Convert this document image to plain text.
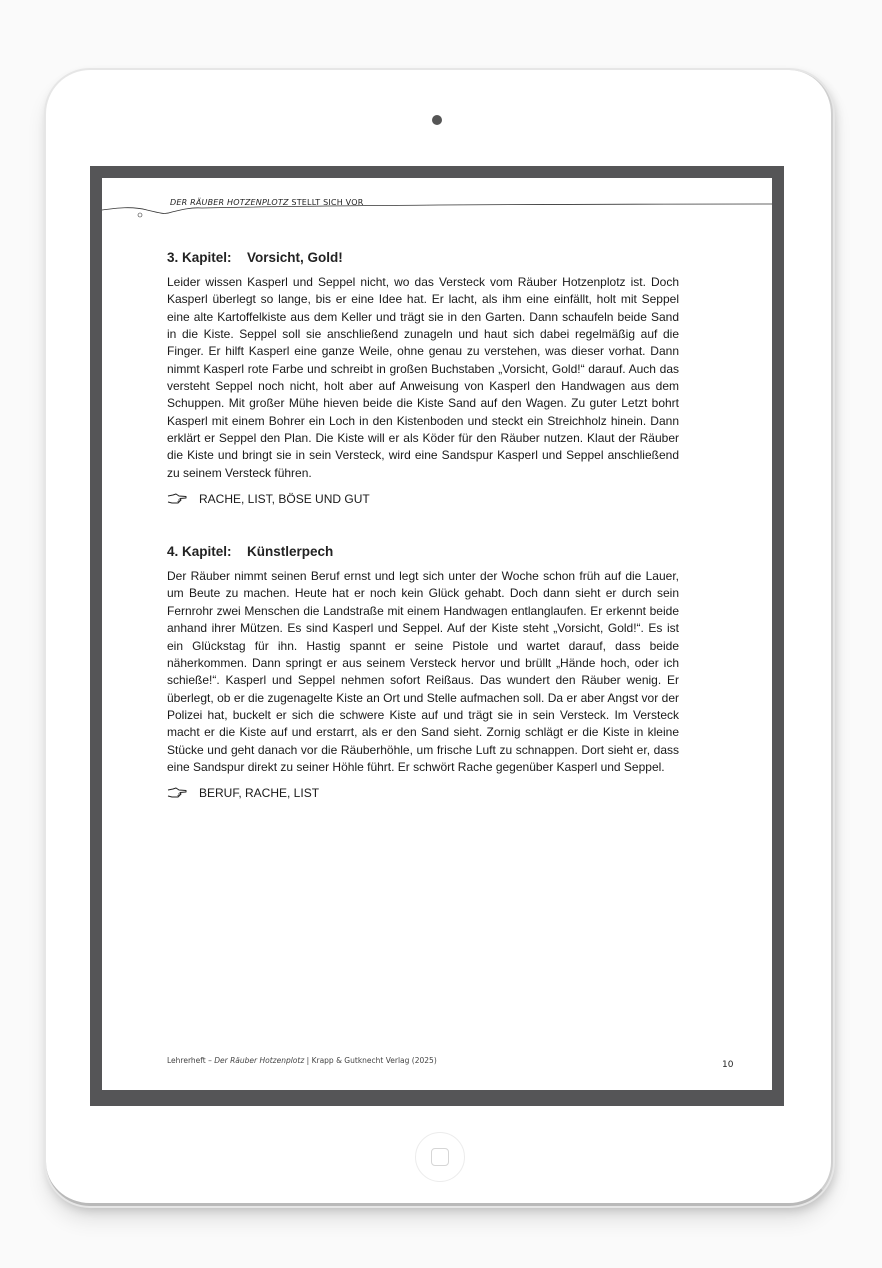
DER RÄUBER HOTZENPLOTZ STELLT SICH VOR
3. Kapitel: Vorsicht, Gold!

Leider wissen Kasperl und Seppel nicht, wo das Versteck vom Räuber Hotzenplotz ist. Doch Kasperl überlegt so lange, bis er eine Idee hat. Er lacht, als ihm eine einfällt, holt mit Seppel eine alte Kartoffelkiste aus dem Keller und trägt sie in den Garten. Dann schaufeln beide Sand in die Kiste. Seppel soll sie anschließend zunageln und haut sich dabei regelmäßig auf die Finger. Er hilft Kasperl eine ganze Weile, ohne genau zu verstehen, was dieser vorhat. Dann nimmt Kasperl rote Farbe und schreibt in großen Buchstaben „Vorsicht, Gold!“ darauf. Auch das versteht Seppel noch nicht, holt aber auf Anweisung von Kasperl den Handwagen aus dem Schuppen. Mit großer Mühe hieven beide die Kiste Sand auf den Wagen. Zu guter Letzt bohrt Kasperl mit einem Bohrer ein Loch in den Kistenboden und steckt ein Streichholz hinein. Dann erklärt er Seppel den Plan. Die Kiste will er als Köder für den Räuber nutzen. Klaut der Räuber die Kiste und bringt sie in sein Versteck, wird eine Sandspur Kasperl und Seppel anschließend zu seinem Versteck führen.

RACHE, LIST, BÖSE UND GUT
4. Kapitel: Künstlerpech

Der Räuber nimmt seinen Beruf ernst und legt sich unter der Woche schon früh auf die Lauer, um Beute zu machen. Heute hat er noch kein Glück gehabt. Doch dann sieht er durch sein Fernrohr zwei Menschen die Landstraße mit einem Handwagen entlanglaufen. Er erkennt beide anhand ihrer Mützen. Es sind Kasperl und Seppel. Auf der Kiste steht „Vorsicht, Gold!“. Es ist ein Glückstag für ihn. Hastig spannt er seine Pistole und wartet darauf, dass beide näherkommen. Dann springt er aus seinem Versteck hervor und brüllt „Hände hoch, oder ich schieße!“. Kasperl und Seppel nehmen sofort Reißaus. Das wundert den Räuber wenig. Er überlegt, ob er die zugenagelte Kiste an Ort und Stelle aufmachen soll. Da er aber Angst vor der Polizei hat, buckelt er sich die schwere Kiste auf und trägt sie in sein Versteck. Im Versteck macht er die Kiste auf und erstarrt, als er den Sand sieht. Zornig schlägt er die Kiste in kleine Stücke und geht danach vor die Räuberhöhle, um frische Luft zu schnappen. Dort sieht er, dass eine Sandspur direkt zu seiner Höhle führt. Er schwört Rache gegenüber Kasperl und Seppel.

BERUF, RACHE, LIST
Lehrerheft – Der Räuber Hotzenplotz | Krapp & Gutknecht Verlag (2025)	10
